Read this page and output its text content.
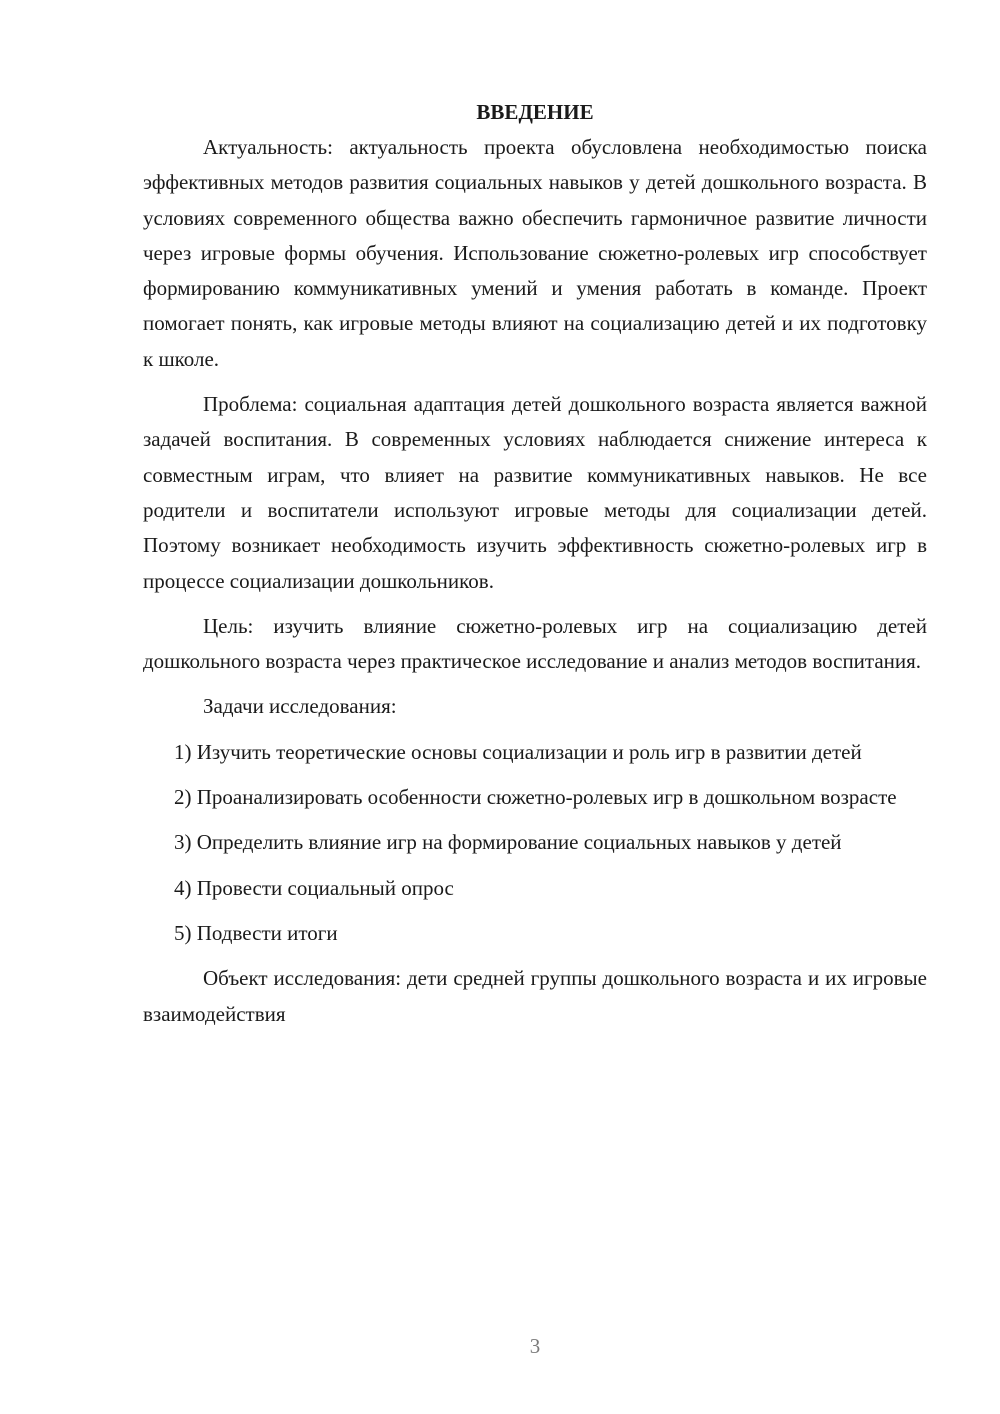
ВВЕДЕНИЕ

Актуальность: актуальность проекта обусловлена необходимостью поиска эффективных методов развития социальных навыков у детей дошкольного возраста. В условиях современного общества важно обеспечить гармоничное развитие личности через игровые формы обучения. Использование сюжетно-ролевых игр способствует формированию коммуникативных умений и умения работать в команде. Проект помогает понять, как игровые методы влияют на социализацию детей и их подготовку к школе.

Проблема: социальная адаптация детей дошкольного возраста является важной задачей воспитания. В современных условиях наблюдается снижение интереса к совместным играм, что влияет на развитие коммуникативных навыков. Не все родители и воспитатели используют игровые методы для социализации детей. Поэтому возникает необходимость изучить эффективность сюжетно-ролевых игр в процессе социализации дошкольников.

Цель: изучить влияние сюжетно-ролевых игр на социализацию детей дошкольного возраста через практическое исследование и анализ методов воспитания.

Задачи исследования:

1) Изучить теоретические основы социализации и роль игр в развитии детей

2) Проанализировать особенности сюжетно-ролевых игр в дошкольном возрасте

3) Определить влияние игр на формирование социальных навыков у детей

4) Провести социальный опрос

5) Подвести итоги

Объект исследования: дети средней группы дошкольного возраста и их игровые взаимодействия

3
